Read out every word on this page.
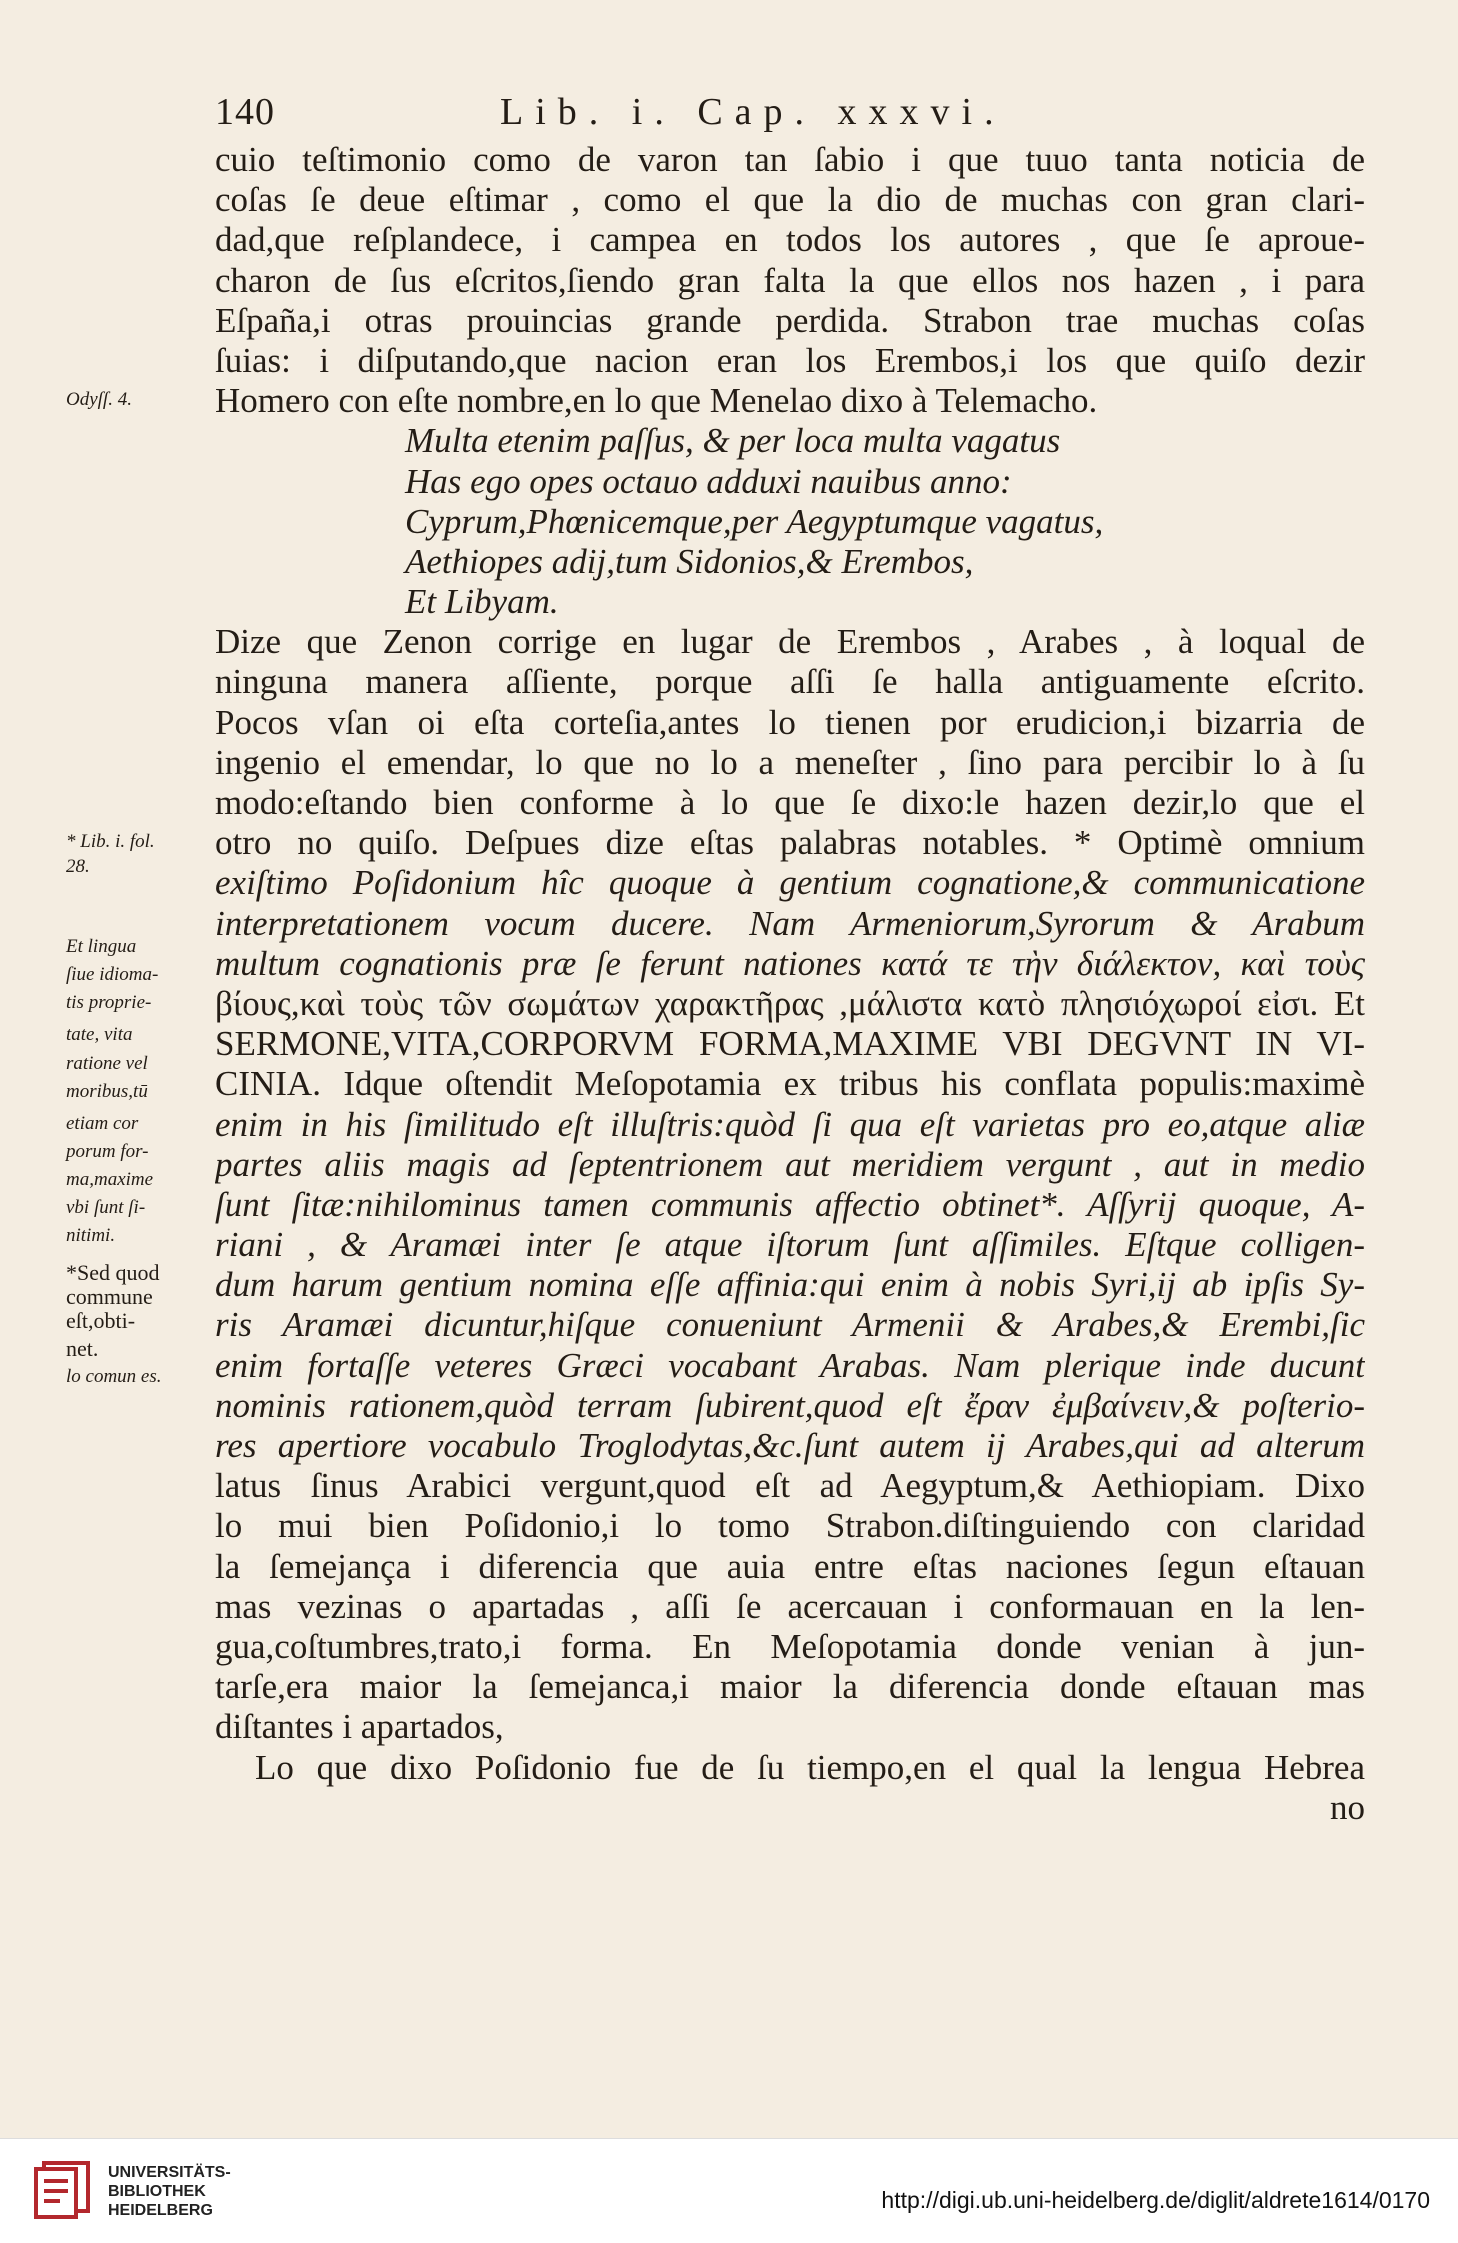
140	Lib. i. Cap. xxxvi.
cuio teſtimonio como de varon tan ſabio i que tuuo tanta noticia de
coſas ſe deue eſtimar , como el que la dio de muchas con gran clari-
dad,que reſplandece, i campea en todos los autores , que ſe aproue-
charon de ſus eſcritos,ſiendo gran falta la que ellos nos hazen , i para
Eſpaña,i otras prouincias grande perdida. Strabon trae muchas coſas
ſuias: i diſputando,que nacion eran los Erembos,i los que quiſo dezir
Homero con eſte nombre,en lo que Menelao dixo à Telemacho.
Multa etenim paſſus, & per loca multa vagatus
Has ego opes octauo adduxi nauibus anno:
Cyprum,Phœnicemque,per Aegyptumque vagatus,
Aethiopes adij,tum Sidonios,& Erembos,
Et Libyam.
Dize que Zenon corrige en lugar de Erembos , Arabes , à loqual de
ninguna manera aſſiente, porque aſſi ſe halla antiguamente eſcrito.
Pocos vſan oi eſta corteſia,antes lo tienen por erudicion,i bizarria de
ingenio el emendar, lo que no lo a meneſter , ſino para percibir lo à ſu
modo:eſtando bien conforme à lo que ſe dixo:le hazen dezir,lo que el
otro no quiſo. Deſpues dize eſtas palabras notables. * Optimè omnium
exiſtimo Poſidonium hîc quoque à gentium cognatione,& communicatione
interpretationem vocum ducere. Nam Armeniorum,Syrorum & Arabum
multum cognationis præ ſe ferunt nationes κατά τε τὴν διάλεκτον, καὶ τοὺς
βίους,καὶ τοὺς τῶν σωμάτων χαρακτῆρας ,μάλιστα κατὸ πλησιόχωροί εἰσι. Et
SERMONE,VITA,CORPORVM FORMA,MAXIME VBI DEGVNT IN VI-
CINIA. Idque oſtendit Meſopotamia ex tribus his conflata populis:maximè
enim in his ſimilitudo eſt illuſtris:quòd ſi qua eſt varietas pro eo,atque aliæ
partes aliis magis ad ſeptentrionem aut meridiem vergunt , aut in medio
ſunt ſitæ:nihilominus tamen communis affectio obtinet*. Aſſyrij quoque, A-
riani , & Aramæi inter ſe atque iſtorum ſunt aſſimiles. Eſtque colligen-
dum harum gentium nomina eſſe affinia:qui enim à nobis Syri,ij ab ipſis Sy-
ris Aramæi dicuntur,hiſque conueniunt Armenii & Arabes,& Erembi,ſic
enim fortaſſe veteres Græci vocabant Arabas. Nam plerique inde ducunt
nominis rationem,quòd terram ſubirent,quod eſt ἔραν ἐμβαίνειν,& poſterio-
res apertiore vocabulo Troglodytas,&c.ſunt autem ij Arabes,qui ad alterum
latus ſinus Arabici vergunt,quod eſt ad Aegyptum,& Aethiopiam. Dixo
lo mui bien Poſidonio,i lo tomo Strabon.diſtinguiendo con claridad
la ſemejança i diferencia que auia entre eſtas naciones ſegun eſtauan
mas vezinas o apartadas , aſſi ſe acercauan i conformauan en la len-
gua,coſtumbres,trato,i forma. En Meſopotamia donde venian à jun-
tarſe,era maior la ſemejanca,i maior la diferencia donde eſtauan mas
diſtantes i apartados,
Lo que dixo Poſidonio fue de ſu tiempo,en el qual la lengua Hebrea
no
Odyſſ. 4.
* Lib. i. fol.
28.
Et lingua
ſiue idioma-
tis proprie-
tate, vita
ratione vel
moribus,tū
etiam cor
porum for-
ma,maxime
vbi ſunt ſi-
nitimi.
*Sed quod
commune
eſt,obti-
net.
lo comun es.
UNIVERSITÄTS-
BIBLIOTHEK
HEIDELBERG	http://digi.ub.uni-heidelberg.de/diglit/aldrete1614/0170
